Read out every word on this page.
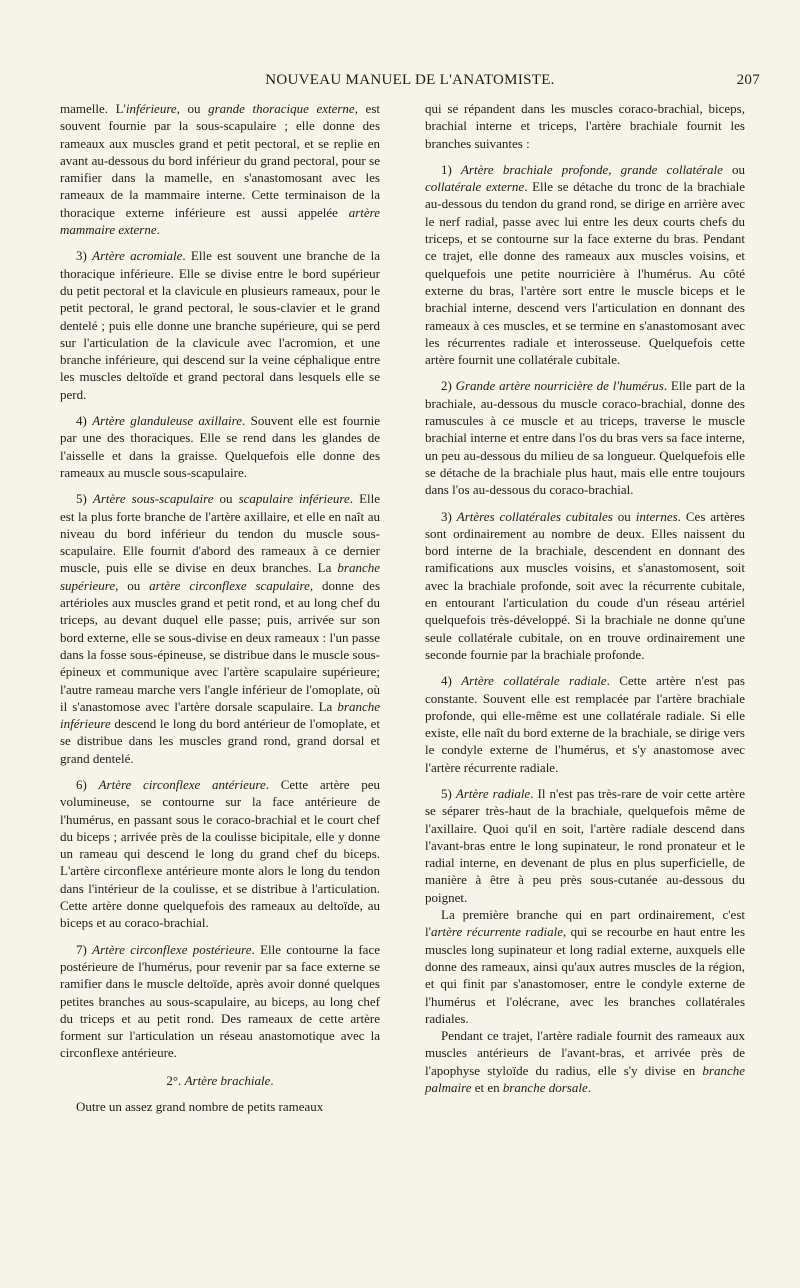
NOUVEAU MANUEL DE L'ANATOMISTE.	207

mamelle. L'inférieure, ou grande thoracique externe, est souvent fournie par la sous-scapulaire ; elle donne des rameaux aux muscles grand et petit pectoral, et se replie en avant au-dessous du bord inférieur du grand pectoral, pour se ramifier dans la mamelle, en s'anastomosant avec les rameaux de la mammaire interne. Cette terminaison de la thoracique externe inférieure est aussi appelée artère mammaire externe.

3) Artère acromiale. Elle est souvent une branche de la thoracique inférieure. Elle se divise entre le bord supérieur du petit pectoral et la clavicule en plusieurs rameaux, pour le petit pectoral, le grand pectoral, le sous-clavier et le grand dentelé ; puis elle donne une branche supérieure, qui se perd sur l'articulation de la clavicule avec l'acromion, et une branche inférieure, qui descend sur la veine céphalique entre les muscles deltoïde et grand pectoral dans lesquels elle se perd.

4) Artère glanduleuse axillaire. Souvent elle est fournie par une des thoraciques. Elle se rend dans les glandes de l'aisselle et dans la graisse. Quelquefois elle donne des rameaux au muscle sous-scapulaire.

5) Artère sous-scapulaire ou scapulaire inférieure. Elle est la plus forte branche de l'artère axillaire, et elle en naît au niveau du bord inférieur du tendon du muscle sous-scapulaire. Elle fournit d'abord des rameaux à ce dernier muscle, puis elle se divise en deux branches. La branche supérieure, ou artère circonflexe scapulaire, donne des artérioles aux muscles grand et petit rond, et au long chef du triceps, au devant duquel elle passe; puis, arrivée sur son bord externe, elle se sous-divise en deux rameaux : l'un passe dans la fosse sous-épineuse, se distribue dans le muscle sous-épineux et communique avec l'artère scapulaire supérieure; l'autre rameau marche vers l'angle inférieur de l'omoplate, où il s'anastomose avec l'artère dorsale scapulaire. La branche inférieure descend le long du bord antérieur de l'omoplate, et se distribue dans les muscles grand rond, grand dorsal et grand dentelé.

6) Artère circonflexe antérieure. Cette artère peu volumineuse, se contourne sur la face antérieure de l'humérus, en passant sous le coraco-brachial et le court chef du biceps ; arrivée près de la coulisse bicipitale, elle y donne un rameau qui descend le long du grand chef du biceps. L'artère circonflexe antérieure monte alors le long du tendon dans l'intérieur de la coulisse, et se distribue à l'articulation. Cette artère donne quelquefois des rameaux au deltoïde, au biceps et au coraco-brachial.

7) Artère circonflexe postérieure. Elle contourne la face postérieure de l'humérus, pour revenir par sa face externe se ramifier dans le muscle deltoïde, après avoir donné quelques petites branches au sous-scapulaire, au biceps, au long chef du triceps et au petit rond. Des rameaux de cette artère forment sur l'articulation un réseau anastomotique avec la circonflexe antérieure.

2°. Artère brachiale.

Outre un assez grand nombre de petits rameaux

qui se répandent dans les muscles coraco-brachial, biceps, brachial interne et triceps, l'artère brachiale fournit les branches suivantes :

1) Artère brachiale profonde, grande collatérale ou collatérale externe. Elle se détache du tronc de la brachiale au-dessous du tendon du grand rond, se dirige en arrière avec le nerf radial, passe avec lui entre les deux courts chefs du triceps, et se contourne sur la face externe du bras. Pendant ce trajet, elle donne des rameaux aux muscles voisins, et quelquefois une petite nourricière à l'humérus. Au côté externe du bras, l'artère sort entre le muscle biceps et le brachial interne, descend vers l'articulation en donnant des rameaux à ces muscles, et se termine en s'anastomosant avec les récurrentes radiale et interosseuse. Quelquefois cette artère fournit une collatérale cubitale.

2) Grande artère nourricière de l'humérus. Elle part de la brachiale, au-dessous du muscle coraco-brachial, donne des ramuscules à ce muscle et au triceps, traverse le muscle brachial interne et entre dans l'os du bras vers sa face interne, un peu au-dessous du milieu de sa longueur. Quelquefois elle se détache de la brachiale plus haut, mais elle entre toujours dans l'os au-dessous du coraco-brachial.

3) Artères collatérales cubitales ou internes. Ces artères sont ordinairement au nombre de deux. Elles naissent du bord interne de la brachiale, descendent en donnant des ramifications aux muscles voisins, et s'anastomosent, soit avec la brachiale profonde, soit avec la récurrente cubitale, en entourant l'articulation du coude d'un réseau artériel quelquefois très-développé. Si la brachiale ne donne qu'une seule collatérale cubitale, on en trouve ordinairement une seconde fournie par la brachiale profonde.

4) Artère collatérale radiale. Cette artère n'est pas constante. Souvent elle est remplacée par l'artère brachiale profonde, qui elle-même est une collatérale radiale. Si elle existe, elle naît du bord externe de la brachiale, se dirige vers le condyle externe de l'humérus, et s'y anastomose avec l'artère récurrente radiale.

5) Artère radiale. Il n'est pas très-rare de voir cette artère se séparer très-haut de la brachiale, quelquefois même de l'axillaire. Quoi qu'il en soit, l'artère radiale descend dans l'avant-bras entre le long supinateur, le rond pronateur et le radial interne, en devenant de plus en plus superficielle, de manière à être à peu près sous-cutanée au-dessous du poignet.

La première branche qui en part ordinairement, c'est l'artère récurrente radiale, qui se recourbe en haut entre les muscles long supinateur et long radial externe, auxquels elle donne des rameaux, ainsi qu'aux autres muscles de la région, et qui finit par s'anastomoser, entre le condyle externe de l'humérus et l'olécrane, avec les branches collatérales radiales.

Pendant ce trajet, l'artère radiale fournit des rameaux aux muscles antérieurs de l'avant-bras, et arrivée près de l'apophyse styloïde du radius, elle s'y divise en branche palmaire et en branche dorsale.
